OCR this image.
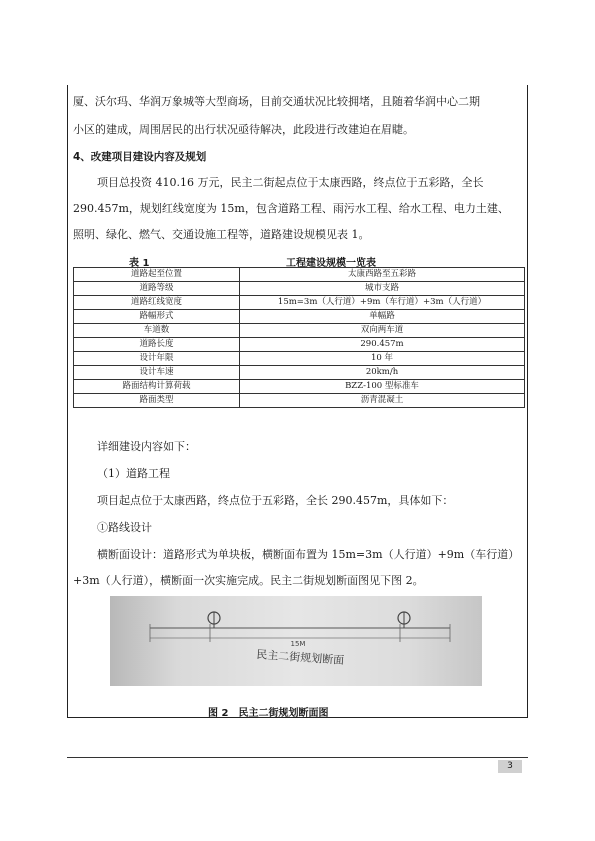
厦、沃尔玛、华润万象城等大型商场，目前交通状况比较拥堵，且随着华润中心二期
小区的建成，周围居民的出行状况亟待解决，此段进行改建迫在眉睫。
4、改建项目建设内容及规划
项目总投资 410.16 万元，民主二街起点位于太康西路，终点位于五彩路，全长
290.457m，规划红线宽度为 15m，包含道路工程、雨污水工程、给水工程、电力土建、
照明、绿化、燃气、交通设施工程等，道路建设规模见表 1。
表 1	工程建设规模一览表
道路起至位置	太康西路至五彩路
道路等级	城市支路
道路红线宽度	15m=3m（人行道）+9m（车行道）+3m（人行道）
路幅形式	单幅路
车道数	双向两车道
道路长度	290.457m
设计年限	10 年
设计车速	20km/h
路面结构计算荷载	BZZ-100 型标准车
路面类型	沥青混凝土
详细建设内容如下：
（1）道路工程
项目起点位于太康西路，终点位于五彩路，全长 290.457m，具体如下：
①路线设计
横断面设计：道路形式为单块板，横断面布置为 15m=3m（人行道）+9m（车行道）
+3m（人行道），横断面一次实施完成。民主二街规划断面图见下图 2。
15M
民主二街规划断面
图 2　民主二街规划断面图
3
